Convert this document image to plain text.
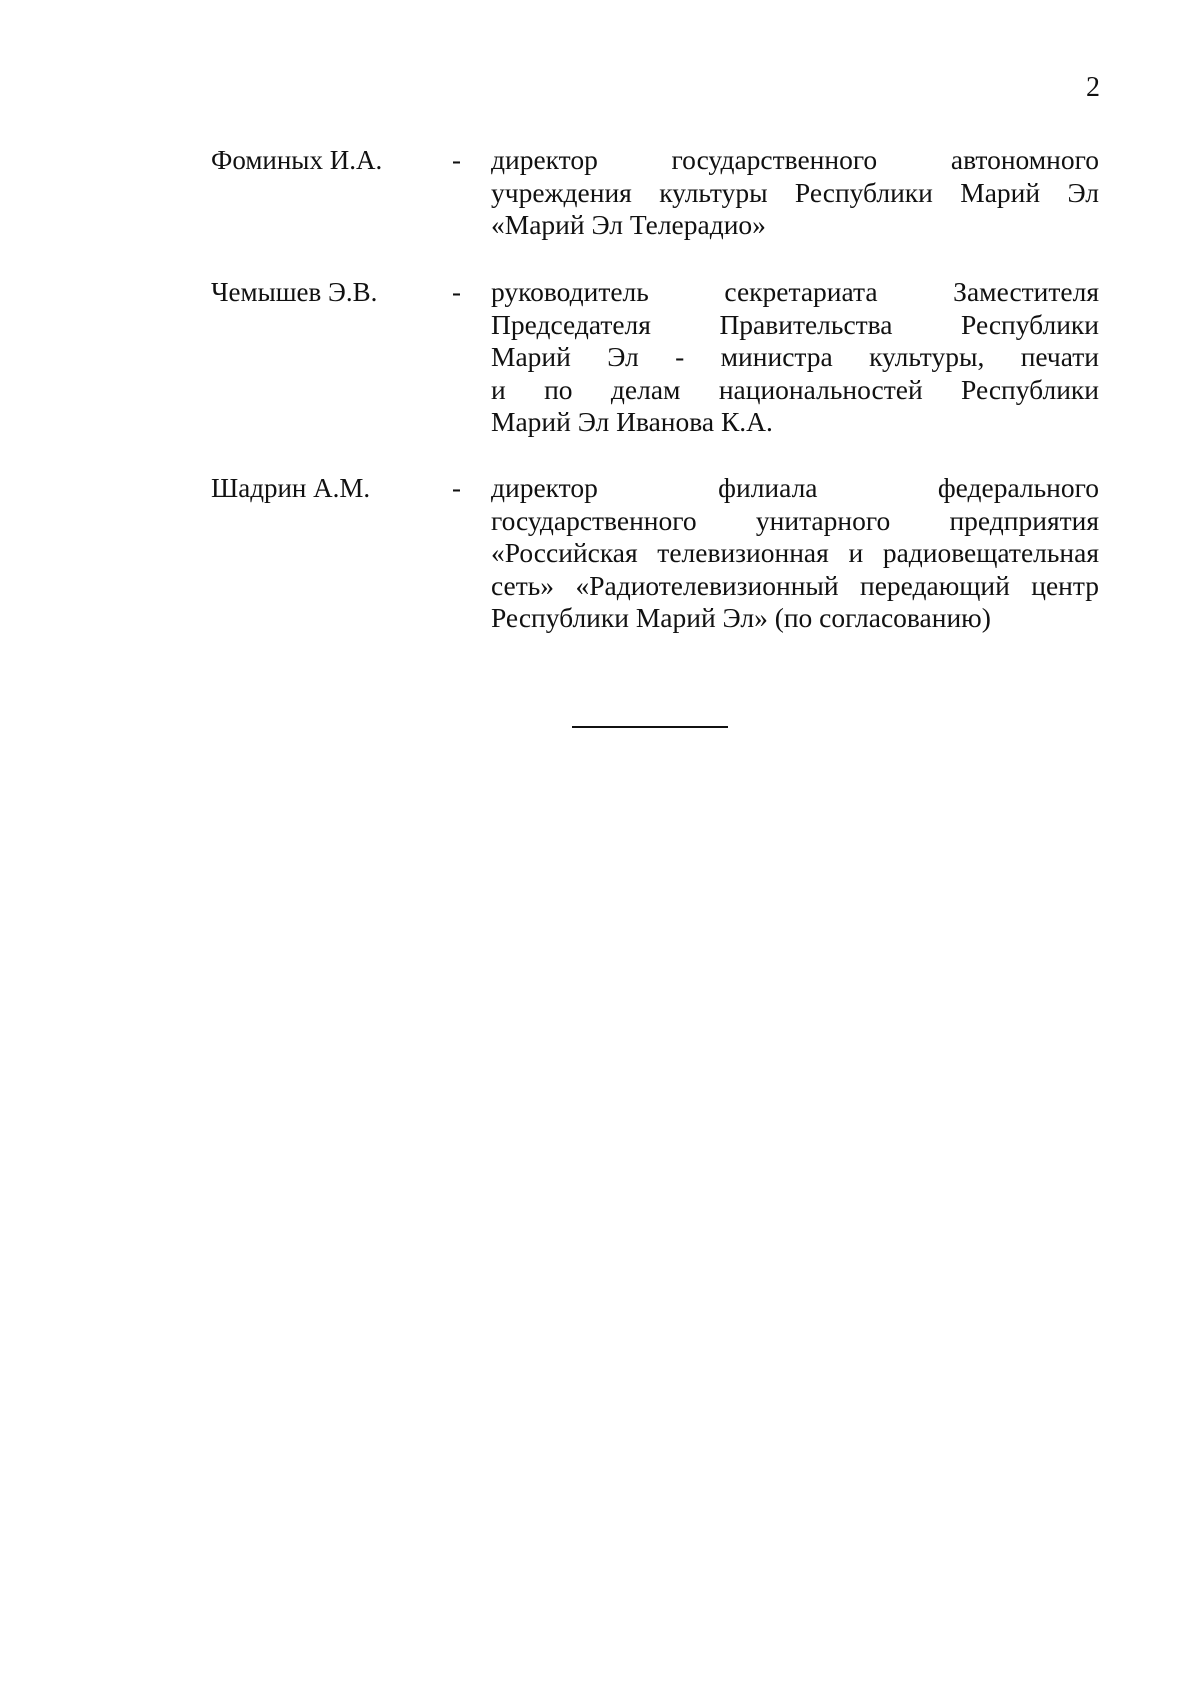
2
Фоминых И.А.	- директор государственного автономного
учреждения культуры Республики Марий Эл
«Марий Эл Телерадио»
Чемышев Э.В.	- руководитель секретариата Заместителя
Председателя Правительства Республики
Марий Эл - министра культуры, печати
и по делам национальностей Республики
Марий Эл Иванова К.А.
Шадрин А.М.	- директор филиала федерального
государственного унитарного предприятия
«Российская телевизионная и радиовещательная
сеть» «Радиотелевизионный передающий центр
Республики Марий Эл» (по согласованию)
